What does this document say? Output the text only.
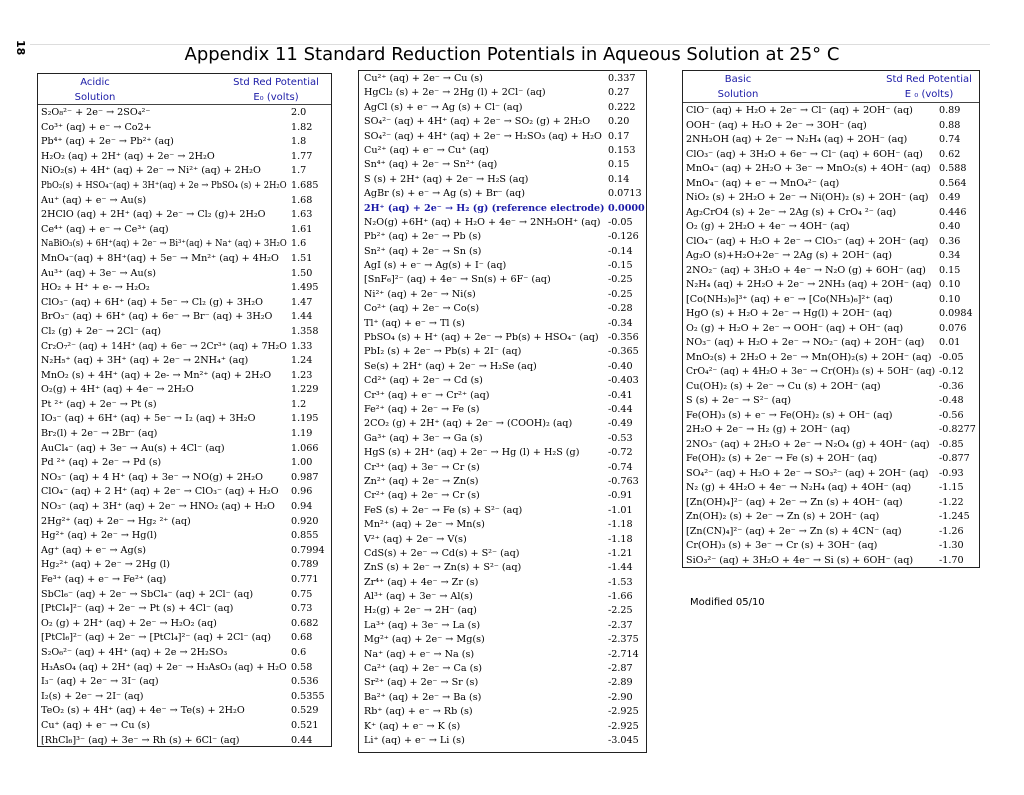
18	Appendix 11 Standard Reduction Potentials in Aqueous Solution at 25° C
Acidic
Solution
Std Red Potential
E₀ (volts)
S₂O₈²⁻ + 2e⁻ → 2SO₄²⁻	2.0
Co³⁺ (aq) + e⁻ → Co2+	1.82
Pb⁴⁺ (aq) + 2e⁻ → Pb²⁺ (aq)	1.8
H₂O₂ (aq) + 2H⁺ (aq) + 2e⁻ → 2H₂O	1.77
NiO₂(s) + 4H⁺ (aq) + 2e⁻ → Ni²⁺ (aq) + 2H₂O	1.7
PbO₂(s) + HSO₄⁻(aq) + 3H⁺(aq) + 2e → PbSO₄ (s) + 2H₂O 1.685
Au⁺ (aq) + e⁻ → Au(s)	1.68
2HClO (aq) + 2H⁺ (aq) + 2e⁻ → Cl₂ (g)+ 2H₂O	1.63
Ce⁴⁺ (aq) + e⁻ → Ce³⁺ (aq)	1.61
NaBiO₃(s) + 6H⁺(aq) + 2e⁻ → Bi³⁺(aq) + Na⁺ (aq) + 3H₂O 1.6
MnO₄⁻(aq) + 8H⁺(aq) + 5e⁻ → Mn²⁺ (aq) + 4H₂O 1.51
Au³⁺ (aq) + 3e⁻ → Au(s)	1.50
HO₂ + H⁺ + e- → H₂O₂	1.495
ClO₃⁻ (aq) + 6H⁺ (aq) + 5e⁻ → Cl₂ (g) + 3H₂O	1.47
BrO₃⁻ (aq) + 6H⁺ (aq) + 6e⁻ → Br⁻ (aq) + 3H₂O 1.44
Cl₂ (g) + 2e⁻ → 2Cl⁻ (aq)	1.358
Cr₂O₇²⁻ (aq) + 14H⁺ (aq) + 6e⁻ → 2Cr³⁺ (aq) + 7H₂O 1.33
N₂H₅⁺ (aq) + 3H⁺ (aq) + 2e⁻ → 2NH₄⁺ (aq)	1.24
MnO₂ (s) + 4H⁺ (aq) + 2e- → Mn²⁺ (aq) + 2H₂O 1.23
O₂(g) + 4H⁺ (aq) + 4e⁻ → 2H₂O	1.229
Pt ²⁺ (aq) + 2e⁻ → Pt (s)	1.2
IO₃⁻ (aq) + 6H⁺ (aq) + 5e⁻ → I₂ (aq) + 3H₂O	1.195
Br₂(l) + 2e⁻ → 2Br⁻ (aq)	1.19
AuCl₄⁻ (aq) + 3e⁻ → Au(s) + 4Cl⁻ (aq)	1.066
Pd ²⁺ (aq) + 2e⁻ → Pd (s)	1.00
NO₃⁻ (aq) + 4 H⁺ (aq) + 3e⁻ → NO(g) + 2H₂O	0.987
ClO₄⁻ (aq) + 2 H⁺ (aq) + 2e⁻ → ClO₃⁻ (aq) + H₂O 0.96
NO₃⁻ (aq) + 3H⁺ (aq) + 2e⁻ → HNO₂ (aq) + H₂O 0.94
2Hg²⁺ (aq) + 2e⁻ → Hg₂ ²⁺ (aq)	0.920
Hg²⁺ (aq) + 2e⁻ → Hg(l)	0.855
Ag⁺ (aq) + e⁻ → Ag(s)	0.7994
Hg₂²⁺ (aq) + 2e⁻ → 2Hg (l)	0.789
Fe³⁺ (aq) + e⁻ → Fe²⁺ (aq)	0.771
SbCl₆⁻ (aq) + 2e⁻ → SbCl₄⁻ (aq) + 2Cl⁻ (aq)	0.75
[PtCl₄]²⁻ (aq) + 2e⁻ → Pt (s) + 4Cl⁻ (aq)	0.73
O₂ (g) + 2H⁺ (aq) + 2e⁻ → H₂O₂ (aq)	0.682
[PtCl₆]²⁻ (aq) + 2e⁻ → [PtCl₄]²⁻ (aq) + 2Cl⁻ (aq) 0.68
S₂O₆²⁻ (aq) + 4H⁺ (aq) + 2e → 2H₂SO₃	0.6
H₃AsO₄ (aq) + 2H⁺ (aq) + 2e⁻ → H₃AsO₃ (aq) + H₂O 0.58
I₃⁻ (aq) + 2e⁻ → 3I⁻ (aq)	0.536
I₂(s) + 2e⁻ → 2I⁻ (aq)	0.5355
TeO₂ (s) + 4H⁺ (aq) + 4e⁻ → Te(s) + 2H₂O	0.529
Cu⁺ (aq) + e⁻ → Cu (s)	0.521
[RhCl₆]³⁻ (aq) + 3e⁻ → Rh (s) + 6Cl⁻ (aq)	0.44
Cu²⁺ (aq) + 2e⁻ → Cu (s)	0.337
HgCl₂ (s) + 2e⁻ → 2Hg (l) + 2Cl⁻ (aq)	0.27
AgCl (s) + e⁻ → Ag (s) + Cl⁻ (aq)	0.222
SO₄²⁻ (aq) + 4H⁺ (aq) + 2e⁻ → SO₂ (g) + 2H₂O 0.20
SO₄²⁻ (aq) + 4H⁺ (aq) + 2e⁻ → H₂SO₃ (aq) + H₂O 0.17
Cu²⁺ (aq) + e⁻ → Cu⁺ (aq)	0.153
Sn⁴⁺ (aq) + 2e⁻ → Sn²⁺ (aq)	0.15
S (s) + 2H⁺ (aq) + 2e⁻ → H₂S (aq)	0.14
AgBr (s) + e⁻ → Ag (s) + Br⁻ (aq)	0.0713
2H⁺ (aq) + 2e⁻ → H₂ (g) (reference electrode) 0.0000
N₂O(g) +6H⁺ (aq) + H₂O + 4e⁻ → 2NH₃OH⁺ (aq) -0.05
Pb²⁺ (aq) + 2e⁻ → Pb (s)	-0.126
Sn²⁺ (aq) + 2e⁻ → Sn (s)	-0.14
AgI (s) + e⁻ → Ag(s) + I⁻ (aq)	-0.15
[SnF₆]²⁻ (aq) + 4e⁻ → Sn(s) + 6F⁻ (aq)	-0.25
Ni²⁺ (aq) + 2e⁻ → Ni(s)	-0.25
Co²⁺ (aq) + 2e⁻ → Co(s)	-0.28
Tl⁺ (aq) + e⁻ → Tl (s)	-0.34
PbSO₄ (s) + H⁺ (aq) + 2e⁻ → Pb(s) + HSO₄⁻ (aq) -0.356
PbI₂ (s) + 2e⁻ → Pb(s) + 2I⁻ (aq)	-0.365
Se(s) + 2H⁺ (aq) + 2e⁻ → H₂Se (aq)	-0.40
Cd²⁺ (aq) + 2e⁻ → Cd (s)	-0.403
Cr³⁺ (aq) + e⁻ → Cr²⁺ (aq)	-0.41
Fe²⁺ (aq) + 2e⁻ → Fe (s)	-0.44
2CO₂ (g) + 2H⁺ (aq) + 2e⁻ → (COOH)₂ (aq)	-0.49
Ga³⁺ (aq) + 3e⁻ → Ga (s)	-0.53
HgS (s) + 2H⁺ (aq) + 2e⁻ → Hg (l) + H₂S (g)	-0.72
Cr³⁺ (aq) + 3e⁻ → Cr (s)	-0.74
Zn²⁺ (aq) + 2e⁻ → Zn(s)	-0.763
Cr²⁺ (aq) + 2e⁻ → Cr (s)	-0.91
FeS (s) + 2e⁻ → Fe (s) + S²⁻ (aq)	-1.01
Mn²⁺ (aq) + 2e⁻ → Mn(s)	-1.18
V²⁺ (aq) + 2e⁻ → V(s)	-1.18
CdS(s) + 2e⁻ → Cd(s) + S²⁻ (aq)	-1.21
ZnS (s) + 2e⁻ → Zn(s) + S²⁻ (aq)	-1.44
Zr⁴⁺ (aq) + 4e⁻ → Zr (s)	-1.53
Al³⁺ (aq) + 3e⁻ → Al(s)	-1.66
H₂(g) + 2e⁻ → 2H⁻ (aq)	-2.25
La³⁺ (aq) + 3e⁻ → La (s)	-2.37
Mg²⁺ (aq) + 2e⁻ → Mg(s)	-2.375
Na⁺ (aq) + e⁻ → Na (s)	-2.714
Ca²⁺ (aq) + 2e⁻ → Ca (s)	-2.87
Sr²⁺ (aq) + 2e⁻ → Sr (s)	-2.89
Ba²⁺ (aq) + 2e⁻ → Ba (s)	-2.90
Rb⁺ (aq) + e⁻ → Rb (s)	-2.925
K⁺ (aq) + e⁻ → K (s)	-2.925
Li⁺ (aq) + e⁻ → Li (s)	-3.045
Basic
Solution
Std Red Potential
E ₀ (volts)
ClO⁻ (aq) + H₂O + 2e⁻ → Cl⁻ (aq) + 2OH⁻ (aq)	0.89
OOH⁻ (aq) + H₂O + 2e⁻ → 3OH⁻ (aq)	0.88
2NH₂OH (aq) + 2e⁻ → N₂H₄ (aq) + 2OH⁻ (aq)	0.74
ClO₃⁻ (aq) + 3H₂O + 6e⁻ → Cl⁻ (aq) + 6OH⁻ (aq) 0.62
MnO₄⁻ (aq) + 2H₂O + 3e⁻ → MnO₂(s) + 4OH⁻ (aq) 0.588
MnO₄⁻ (aq) + e⁻ → MnO₄²⁻ (aq)	0.564
NiO₂ (s) + 2H₂O + 2e⁻ → Ni(OH)₂ (s) + 2OH⁻ (aq) 0.49
Ag₂CrO4 (s) + 2e⁻ → 2Ag (s) + CrO₄ ²⁻ (aq)	0.446
O₂ (g) + 2H₂O + 4e⁻ → 4OH⁻ (aq)	0.40
ClO₄⁻ (aq) + H₂O + 2e⁻ → ClO₃⁻ (aq) + 2OH⁻ (aq) 0.36
Ag₂O (s)+H₂O+2e⁻ → 2Ag (s) + 2OH⁻ (aq)	0.34
2NO₂⁻ (aq) + 3H₂O + 4e⁻ → N₂O (g) + 6OH⁻ (aq) 0.15
N₂H₄ (aq) + 2H₂O + 2e⁻ → 2NH₃ (aq) + 2OH⁻ (aq) 0.10
[Co(NH₃)₆]³⁺ (aq) + e⁻ → [Co(NH₃)₆]²⁺ (aq)	0.10
HgO (s) + H₂O + 2e⁻ → Hg(l) + 2OH⁻ (aq)	0.0984
O₂ (g) + H₂O + 2e⁻ → OOH⁻ (aq) + OH⁻ (aq)	0.076
NO₃⁻ (aq) + H₂O + 2e⁻ → NO₂⁻ (aq) + 2OH⁻ (aq) 0.01
MnO₂(s) + 2H₂O + 2e⁻ → Mn(OH)₂(s) + 2OH⁻ (aq) -0.05
CrO₄²⁻ (aq) + 4H₂O + 3e⁻ → Cr(OH)₃ (s) + 5OH⁻ (aq) -0.12
Cu(OH)₂ (s) + 2e⁻ → Cu (s) + 2OH⁻ (aq)	-0.36
S (s) + 2e⁻ → S²⁻ (aq)	-0.48
Fe(OH)₃ (s) + e⁻ → Fe(OH)₂ (s) + OH⁻ (aq)	-0.56
2H₂O + 2e⁻ → H₂ (g) + 2OH⁻ (aq)	-0.8277
2NO₃⁻ (aq) + 2H₂O + 2e⁻ → N₂O₄ (g) + 4OH⁻ (aq) -0.85
Fe(OH)₂ (s) + 2e⁻ → Fe (s) + 2OH⁻ (aq)	-0.877
SO₄²⁻ (aq) + H₂O + 2e⁻ → SO₃²⁻ (aq) + 2OH⁻ (aq) -0.93
N₂ (g) + 4H₂O + 4e⁻ → N₂H₄ (aq) + 4OH⁻ (aq)	-1.15
[Zn(OH)₄]²⁻ (aq) + 2e⁻ → Zn (s) + 4OH⁻ (aq)	-1.22
Zn(OH)₂ (s) + 2e⁻ → Zn (s) + 2OH⁻ (aq)	-1.245
[Zn(CN)₄]²⁻ (aq) + 2e⁻ → Zn (s) + 4CN⁻ (aq)	-1.26
Cr(OH)₃ (s) + 3e⁻ → Cr (s) + 3OH⁻ (aq)	-1.30
SiO₃²⁻ (aq) + 3H₂O + 4e⁻ → Si (s) + 6OH⁻ (aq)	-1.70
Modified 05/10
